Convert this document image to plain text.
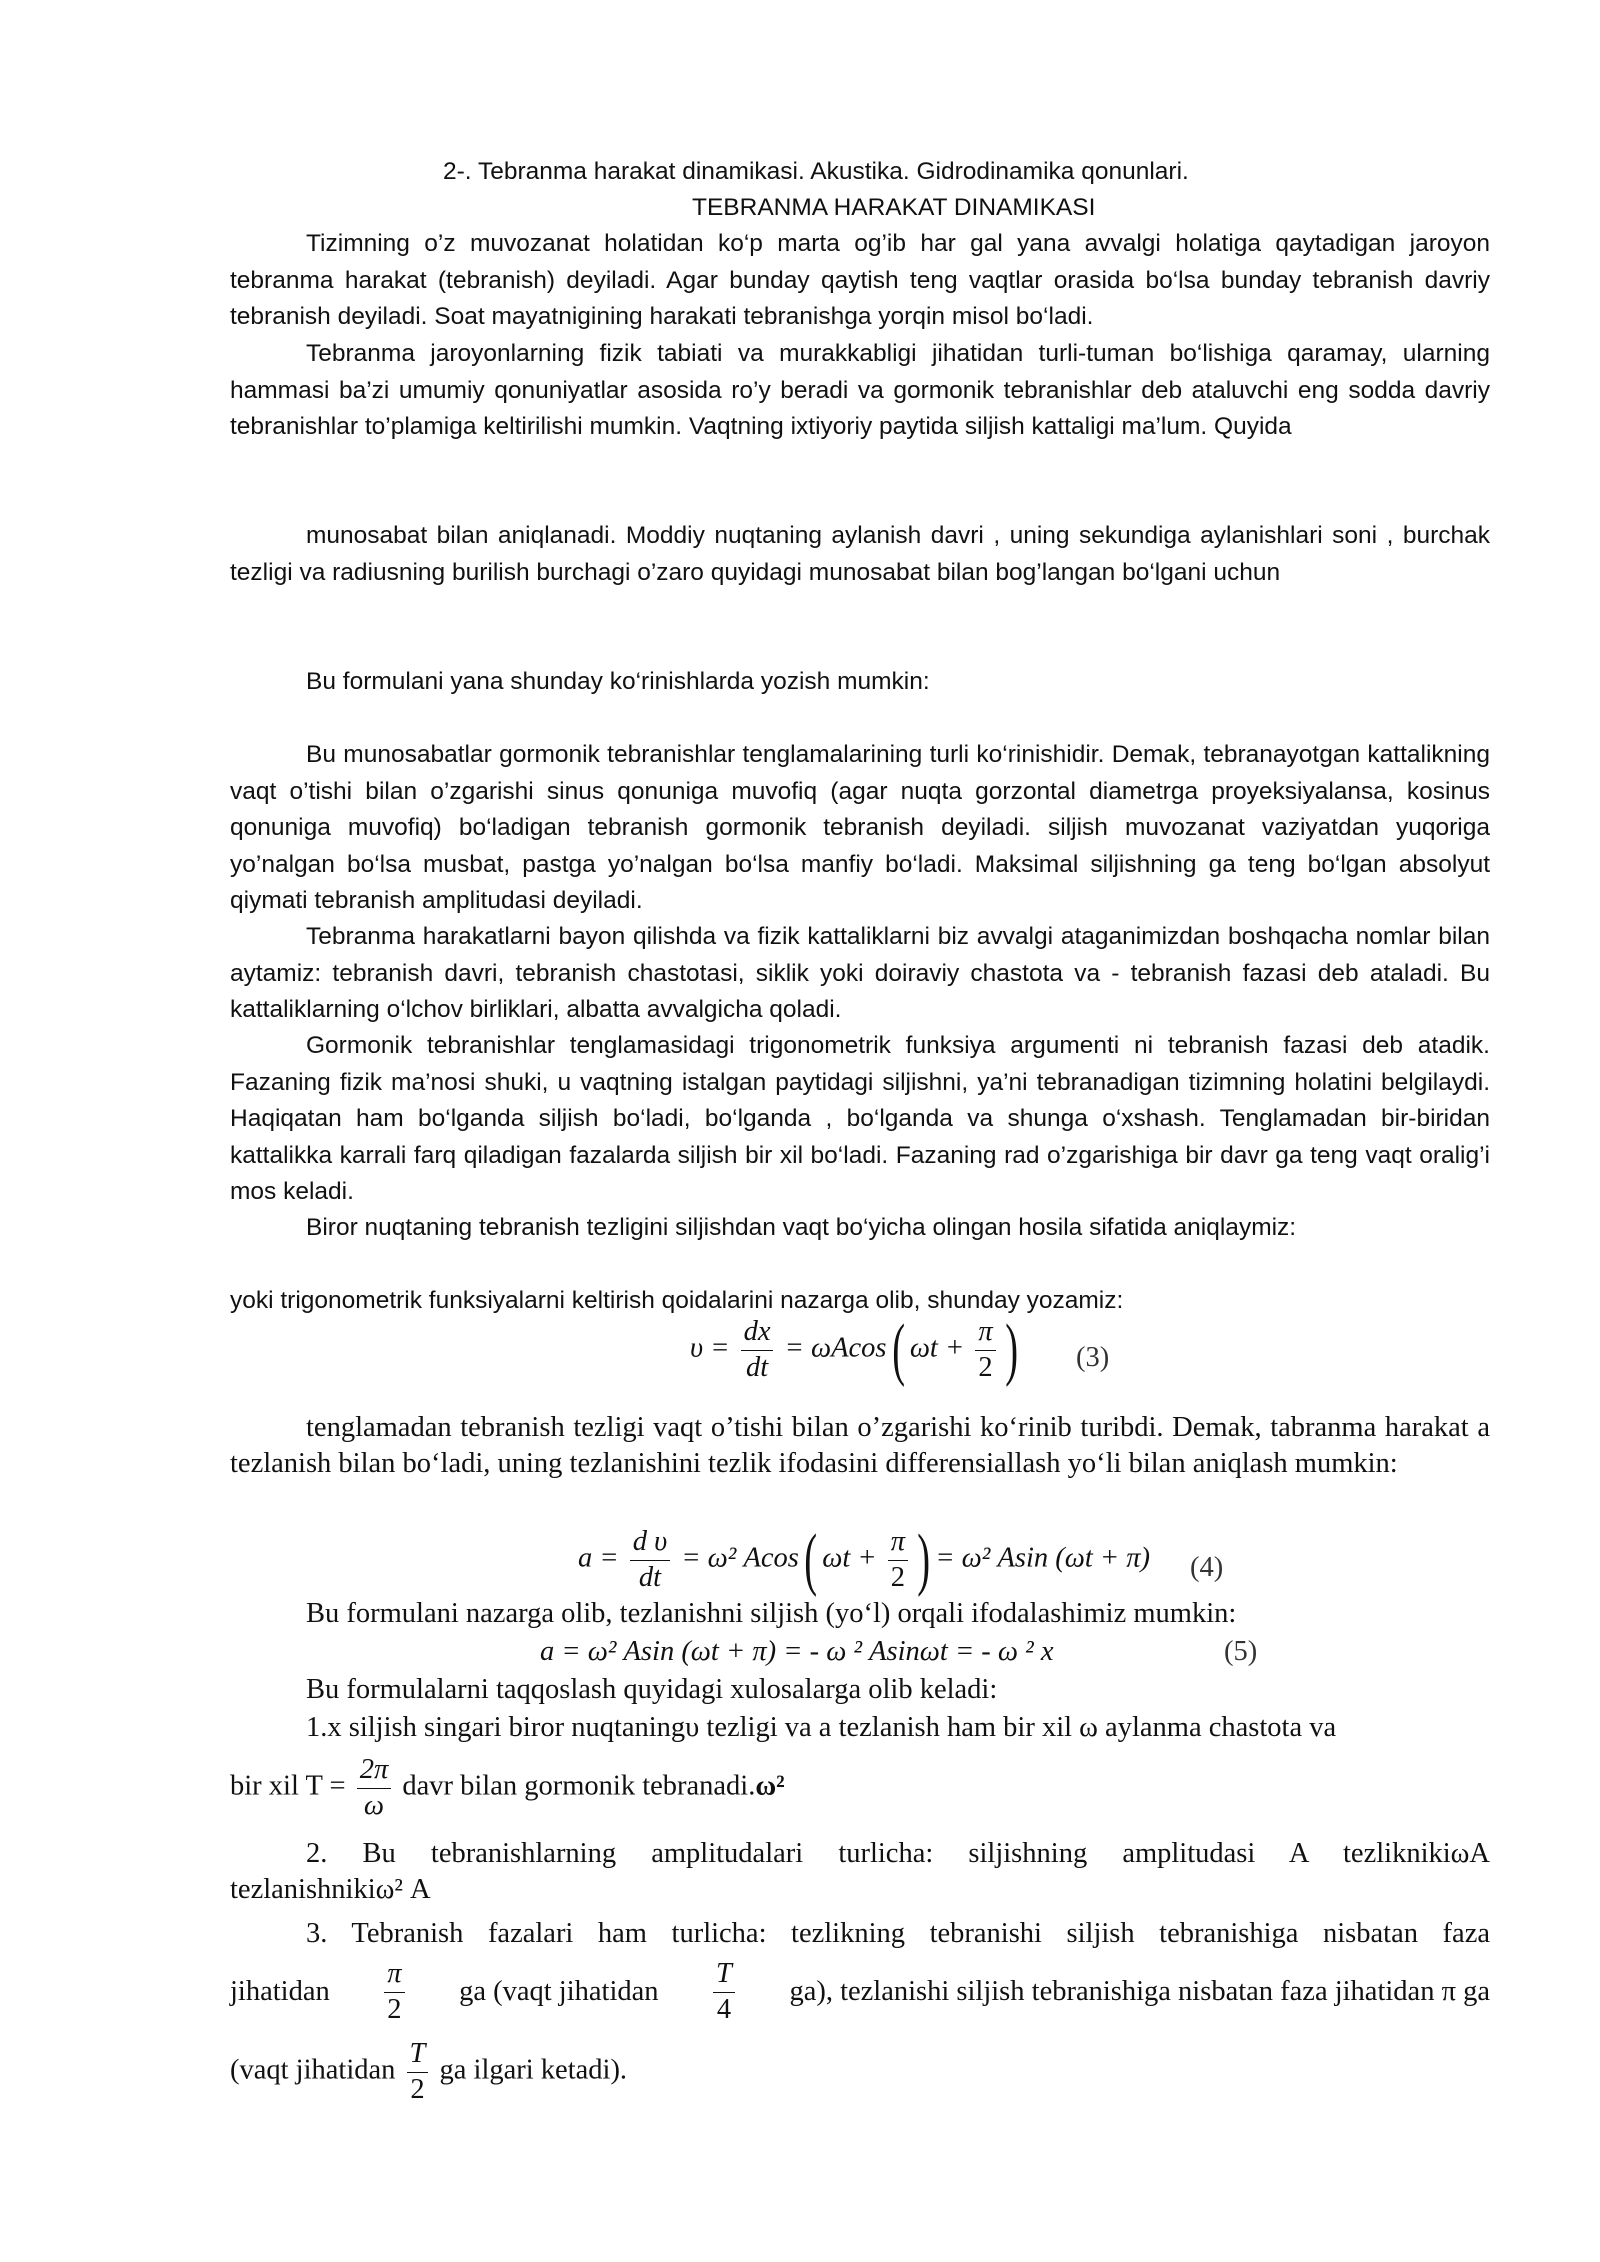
2-. Tebranma harakat dinamikasi. Akustika. Gidrodinamika qonunlari.
TEBRANMA HARAKAT DINAMIKASI

Tizimning o’z muvozanat holatidan ko‘p marta og’ib har gal yana avvalgi holatiga qaytadigan jaroyon tebranma harakat (tebranish) deyiladi. Agar bunday qaytish teng vaqtlar orasida bo‘lsa bunday tebranish davriy tebranish deyiladi. Soat mayatnigining harakati tebranishga yorqin misol bo‘ladi.

Tebranma jaroyonlarning fizik tabiati va murakkabligi jihatidan turli-tuman bo‘lishiga qaramay, ularning hammasi ba’zi umumiy qonuniyatlar asosida ro’y beradi va gormonik tebranishlar deb ataluvchi eng sodda davriy tebranishlar to’plamiga keltirilishi mumkin. Vaqtning ixtiyoriy paytida siljish kattaligi ma’lum. Quyida

munosabat bilan aniqlanadi. Moddiy nuqtaning aylanish davri , uning sekundiga aylanishlari soni , burchak tezligi va radiusning burilish burchagi o’zaro quyidagi munosabat bilan bog’langan bo‘lgani uchun

Bu formulani yana shunday ko‘rinishlarda yozish mumkin:

Bu munosabatlar gormonik tebranishlar tenglamalarining turli ko‘rinishidir. Demak, tebranayotgan kattalikning vaqt o’tishi bilan o’zgarishi sinus qonuniga muvofiq (agar nuqta gorzontal diametrga proyeksiyalansa, kosinus qonuniga muvofiq) bo‘ladigan tebranish gormonik tebranish deyiladi. siljish muvozanat vaziyatdan yuqoriga yo’nalgan bo‘lsa musbat, pastga yo’nalgan bo‘lsa manfiy bo‘ladi. Maksimal siljishning ga teng bo‘lgan absolyut qiymati tebranish amplitudasi deyiladi.

Tebranma harakatlarni bayon qilishda va fizik kattaliklarni biz avvalgi ataganimizdan boshqacha nomlar bilan aytamiz: tebranish davri, tebranish chastotasi, siklik yoki doiraviy chastota va - tebranish fazasi deb ataladi. Bu kattaliklarning o‘lchov birliklari, albatta avvalgicha qoladi.

Gormonik tebranishlar tenglamasidagi trigonometrik funksiya argumenti ni tebranish fazasi deb atadik. Fazaning fizik ma’nosi shuki, u vaqtning istalgan paytidagi siljishni, ya’ni tebranadigan tizimning holatini belgilaydi. Haqiqatan ham bo‘lganda siljish bo‘ladi, bo‘lganda , bo‘lganda va shunga o‘xshash. Tenglamadan bir-biridan kattalikka karrali farq qiladigan fazalarda siljish bir xil bo‘ladi. Fazaning rad o’zgarishiga bir davr ga teng vaqt oralig’i mos keladi.

Biror nuqtaning tebranish tezligini siljishdan vaqt bo‘yicha olingan hosila sifatida aniqlaymiz:

yoki trigonometrik funksiyalarni keltirish qoidalarini nazarga olib, shunday yozamiz:

$\upsilon = \frac{dx}{dt} = \omega Acos$( $\omega t + \frac{\pi}{2}$ ) (3)

tenglamadan tebranish tezligi vaqt o’tishi bilan o’zgarishi ko‘rinib turibdi. Demak, tabranma harakat a tezlanish bilan bo‘ladi, uning tezlanishini tezlik ifodasini differensiallash yo‘li bilan aniqlash mumkin:

$a = \frac{\text{d υ}}{dt} = \omega^2$ Acos( $\omega t + \frac{\pi}{2}$ ) = ω² Asin (ωt + π) (4)

Bu formulani nazarga olib, tezlanishni siljish (yo‘l) orqali ifodalashimiz mumkin:

a = ω² Asin (ωt + π) = - ω ² Asinωt = - ω ² x	(5)

Bu formulalarni taqqoslash quyidagi xulosalarga olib keladi:

1.x siljish singari biror nuqtaningυ tezligi va a tezlanish ham bir xil ω aylanma chastota va

bir xil $T = \frac{2\pi}{\omega}$ davr bilan gormonik tebranadi.ω²

2. Bu tebranishlarning amplitudalari turlicha: siljishning amplitudasi A tezliknikiωA

tezlanishnikiω² A

3. Tebranish fazalari ham turlicha: tezlikning tebranishi siljish tebranishiga nisbatan faza

jihatidan $\frac{\pi}{2}$ ga (vaqt jihatidan $\frac{T}{4} ga$), tezlanishi siljish tebranishiga nisbatan faza jihatidan π ga
(vaqt jihatidan $\frac{T}{2}$ ga ilgari ketadi).
